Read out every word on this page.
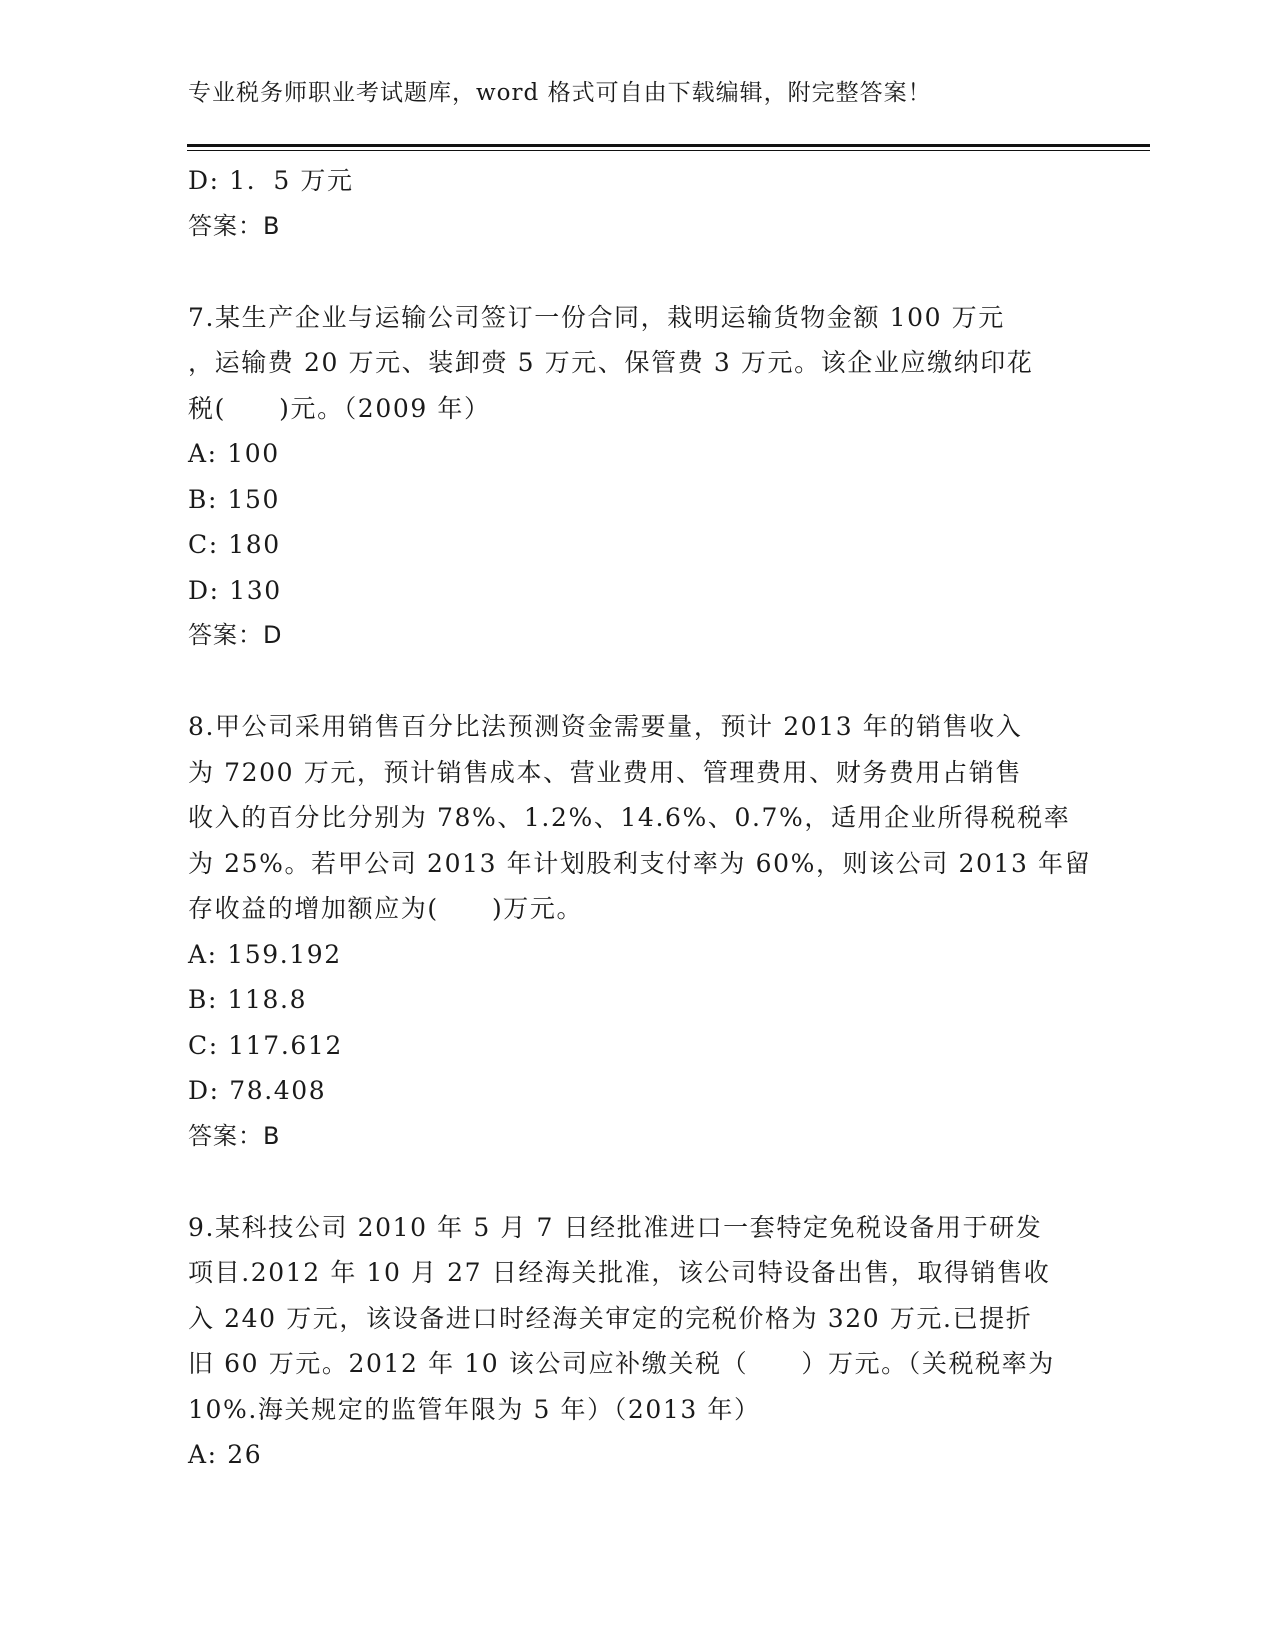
专业税务师职业考试题库，word 格式可自由下载编辑，附完整答案！
D: 1．5 万元
答案：B
7.某生产企业与运输公司签订一份合同，栽明运输货物金额 100 万元
，运输费 20 万元、装卸赍 5 万元、保管费 3 万元。该企业应缴纳印花
税(　　)元。（2009 年）
A: 100
B: 150
C: 180
D: 130
答案：D
8.甲公司采用销售百分比法预测资金需要量，预计 2013 年的销售收入
为 7200 万元，预计销售成本、营业费用、管理费用、财务费用占销售
收入的百分比分别为 78%、1.2%、14.6%、0.7%，适用企业所得税税率
为 25%。若甲公司 2013 年计划股利支付率为 60%，则该公司 2013 年留
存收益的增加额应为(　　)万元。
A: 159.192
B: 118.8
C: 117.612
D: 78.408
答案：B
9.某科技公司 2010 年 5 月 7 日经批准进口一套特定免税设备用于研发
项目.2012 年 10 月 27 日经海关批准，该公司特设备出售，取得销售收
入 240 万元，该设备进口时经海关审定的完税价格为 320 万元.已提折
旧 60 万元。2012 年 10 该公司应补缴关税（　　）万元。（关税税率为
10%.海关规定的监管年限为 5 年）（2013 年）
A: 26
